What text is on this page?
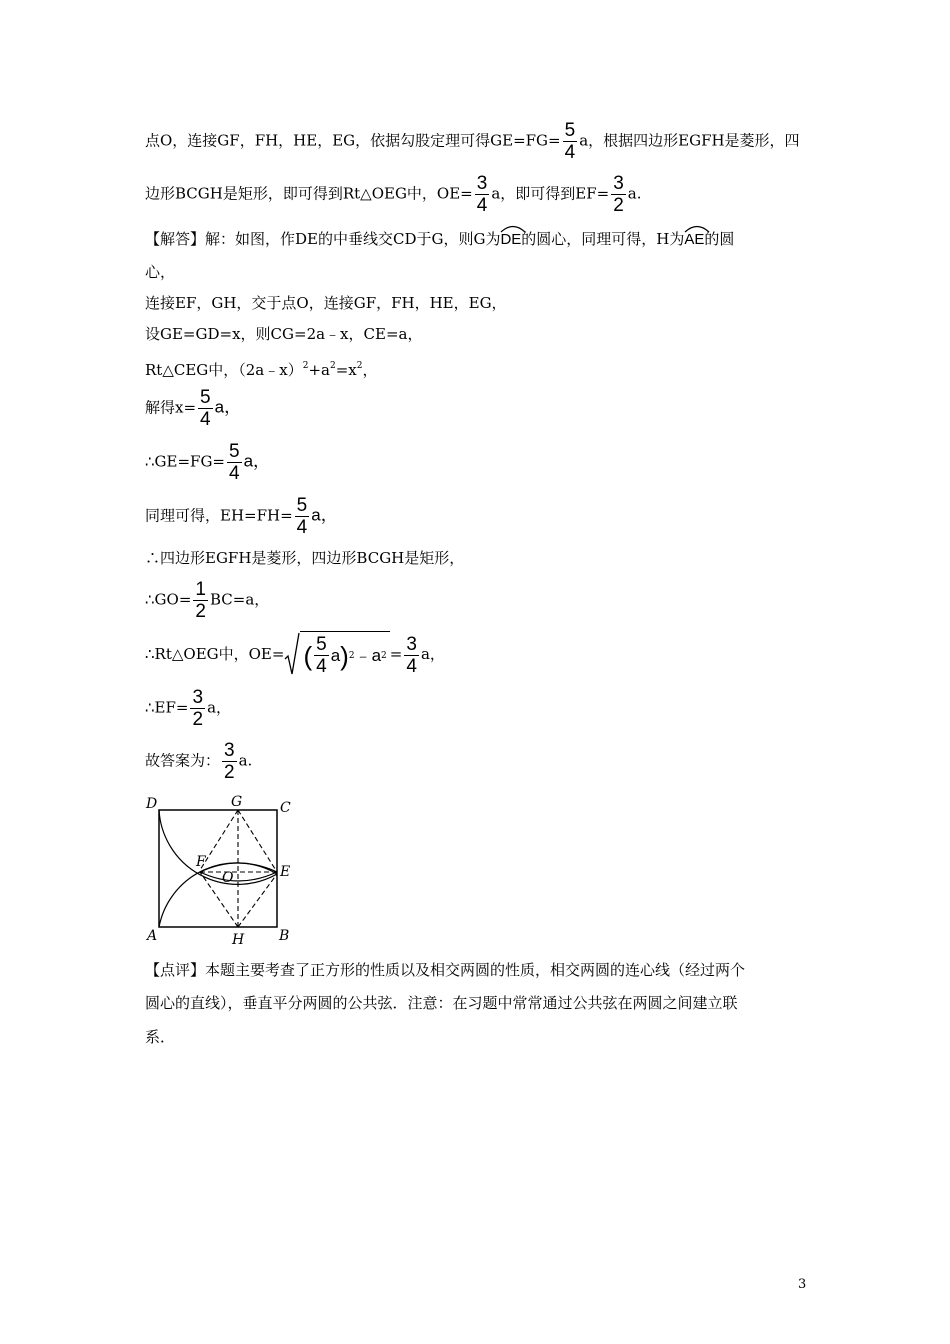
点O，连接GF，FH，HE，EG，依据勾股定理可得$GE=FG= \frac{5}{4}$ a，根据四边形EGFH是菱形，四
边形BCGH是矩形，即可得到Rt△OEG中，$OE= \frac{3}{4}$ a，即可得到$EF= \frac{3}{2} a$.
【解答】解：如图，作DE的中垂线交CD于G，则G为
DE的圆心，同理可得，H为
AE的圆
心，
连接EF，GH，交于点O，连接GF，FH，HE，EG，
设GE=GD=x，则CG=2a﹣x，CE=a，
Rt△CEG中，$(2a﹣x)^2+a^2=x^2$，
解得$x= \frac{5}{4}$ a，
∴GE=FG= $\frac{5}{4}$ a，
同理可得，$EH=FH= \frac{5}{4}$ a，
∴四边形EGFH是菱形，四边形BCGH是矩形，
∴GO= $\frac{1}{2} BC=a$，
∴Rt△OEG中，OE= ( $\frac{5}{4}$ a ) 2 ﹣a $2 = \frac{3}{4}$ a，
∴EF= $\frac{3}{2}$ a，
故答案为： $\frac{3}{2} a$.
D	G	C
F
O	E
A	H B
【点评】本题主要考查了正方形的性质以及相交两圆的性质，相交两圆的连心线（经过两个
圆心的直线），垂直平分两圆的公共弦．注意：在习题中常常通过公共弦在两圆之间建立联
系．
3
